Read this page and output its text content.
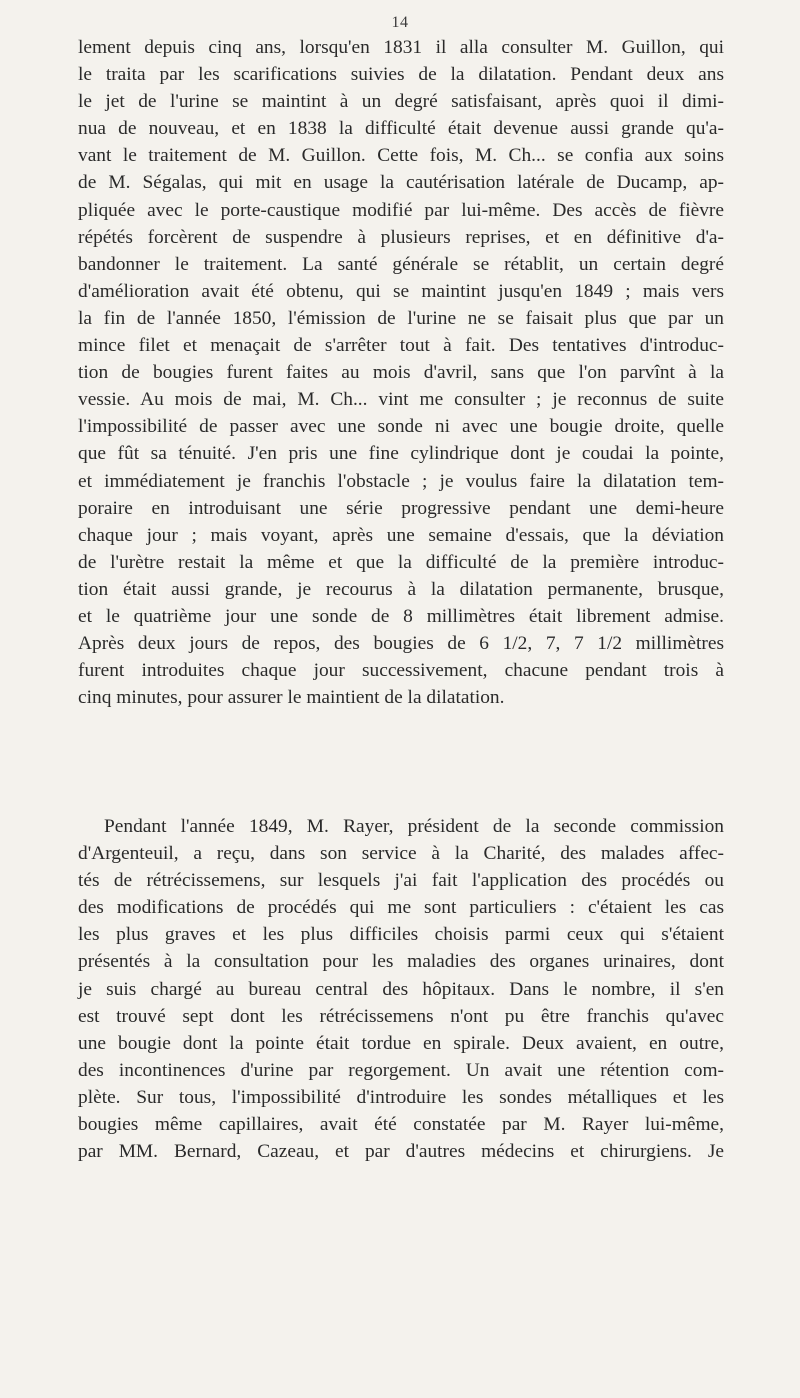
14
lement depuis cinq ans, lorsqu'en 1831 il alla consulter M. Guillon, qui
le traita par les scarifications suivies de la dilatation. Pendant deux ans
le jet de l'urine se maintint à un degré satisfaisant, après quoi il dimi-
nua de nouveau, et en 1838 la difficulté était devenue aussi grande qu'a-
vant le traitement de M. Guillon. Cette fois, M. Ch... se confia aux soins
de M. Ségalas, qui mit en usage la cautérisation latérale de Ducamp, ap-
pliquée avec le porte-caustique modifié par lui-même. Des accès de fièvre
répétés forcèrent de suspendre à plusieurs reprises, et en définitive d'a-
bandonner le traitement. La santé générale se rétablit, un certain degré
d'amélioration avait été obtenu, qui se maintint jusqu'en 1849 ; mais vers
la fin de l'année 1850, l'émission de l'urine ne se faisait plus que par un
mince filet et menaçait de s'arrêter tout à fait. Des tentatives d'introduc-
tion de bougies furent faites au mois d'avril, sans que l'on parvînt à la
vessie. Au mois de mai, M. Ch... vint me consulter ; je reconnus de suite
l'impossibilité de passer avec une sonde ni avec une bougie droite, quelle
que fût sa ténuité. J'en pris une fine cylindrique dont je coudai la pointe,
et immédiatement je franchis l'obstacle ; je voulus faire la dilatation tem-
poraire en introduisant une série progressive pendant une demi-heure
chaque jour ; mais voyant, après une semaine d'essais, que la déviation
de l'urètre restait la même et que la difficulté de la première introduc-
tion était aussi grande, je recourus à la dilatation permanente, brusque,
et le quatrième jour une sonde de 8 millimètres était librement admise.
Après deux jours de repos, des bougies de 6 1/2, 7, 7 1/2 millimètres
furent introduites chaque jour successivement, chacune pendant trois à
cinq minutes, pour assurer le maintient de la dilatation.
Pendant l'année 1849, M. Rayer, président de la seconde commission
d'Argenteuil, a reçu, dans son service à la Charité, des malades affec-
tés de rétrécissemens, sur lesquels j'ai fait l'application des procédés ou
des modifications de procédés qui me sont particuliers : c'étaient les cas
les plus graves et les plus difficiles choisis parmi ceux qui s'étaient
présentés à la consultation pour les maladies des organes urinaires, dont
je suis chargé au bureau central des hôpitaux. Dans le nombre, il s'en
est trouvé sept dont les rétrécissemens n'ont pu être franchis qu'avec
une bougie dont la pointe était tordue en spirale. Deux avaient, en outre,
des incontinences d'urine par regorgement. Un avait une rétention com-
plète. Sur tous, l'impossibilité d'introduire les sondes métalliques et les
bougies même capillaires, avait été constatée par M. Rayer lui-même,
par MM. Bernard, Cazeau, et par d'autres médecins et chirurgiens. Je
